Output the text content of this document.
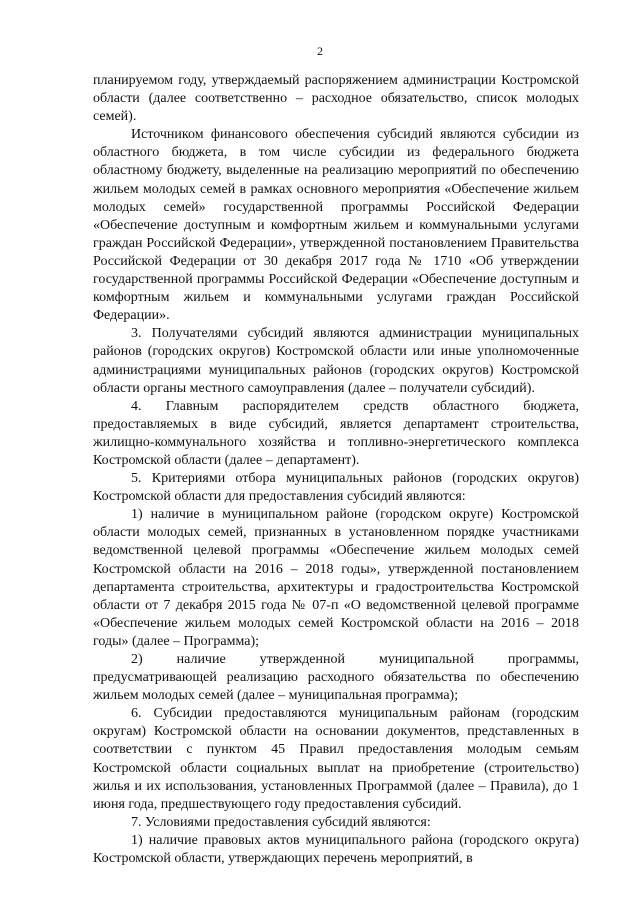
2

планируемом году, утверждаемый распоряжением администрации Костромской области (далее соответственно – расходное обязательство, список молодых семей).

Источником финансового обеспечения субсидий являются субсидии из областного бюджета, в том числе субсидии из федерального бюджета областному бюджету, выделенные на реализацию мероприятий по обеспечению жильем молодых семей в рамках основного мероприятия «Обеспечение жильем молодых семей» государственной программы Российской Федерации «Обеспечение доступным и комфортным жильем и коммунальными услугами граждан Российской Федерации», утвержденной постановлением Правительства Российской Федерации от 30 декабря 2017 года № 1710 «Об утверждении государственной программы Российской Федерации «Обеспечение доступным и комфортным жильем и коммунальными услугами граждан Российской Федерации».

3. Получателями субсидий являются администрации муниципальных районов (городских округов) Костромской области или иные уполномоченные администрациями муниципальных районов (городских округов) Костромской области органы местного самоуправления (далее – получатели субсидий).

4. Главным распорядителем средств областного бюджета, предоставляемых в виде субсидий, является департамент строительства, жилищно-коммунального хозяйства и топливно-энергетического комплекса Костромской области (далее – департамент).

5. Критериями отбора муниципальных районов (городских округов) Костромской области для предоставления субсидий являются:

1) наличие в муниципальном районе (городском округе) Костромской области молодых семей, признанных в установленном порядке участниками ведомственной целевой программы «Обеспечение жильем молодых семей Костромской области на 2016 – 2018 годы», утвержденной постановлением департамента строительства, архитектуры и градостроительства Костромской области от 7 декабря 2015 года № 07-п «О ведомственной целевой программе «Обеспечение жильем молодых семей Костромской области на 2016 – 2018 годы» (далее – Программа);

2) наличие утвержденной муниципальной программы, предусматривающей реализацию расходного обязательства по обеспечению жильем молодых семей (далее – муниципальная программа);

6. Субсидии предоставляются муниципальным районам (городским округам) Костромской области на основании документов, представленных в соответствии с пунктом 45 Правил предоставления молодым семьям Костромской области социальных выплат на приобретение (строительство) жилья и их использования, установленных Программой (далее – Правила), до 1 июня года, предшествующего году предоставления субсидий.

7. Условиями предоставления субсидий являются:

1) наличие правовых актов муниципального района (городского округа) Костромской области, утверждающих перечень мероприятий, в
